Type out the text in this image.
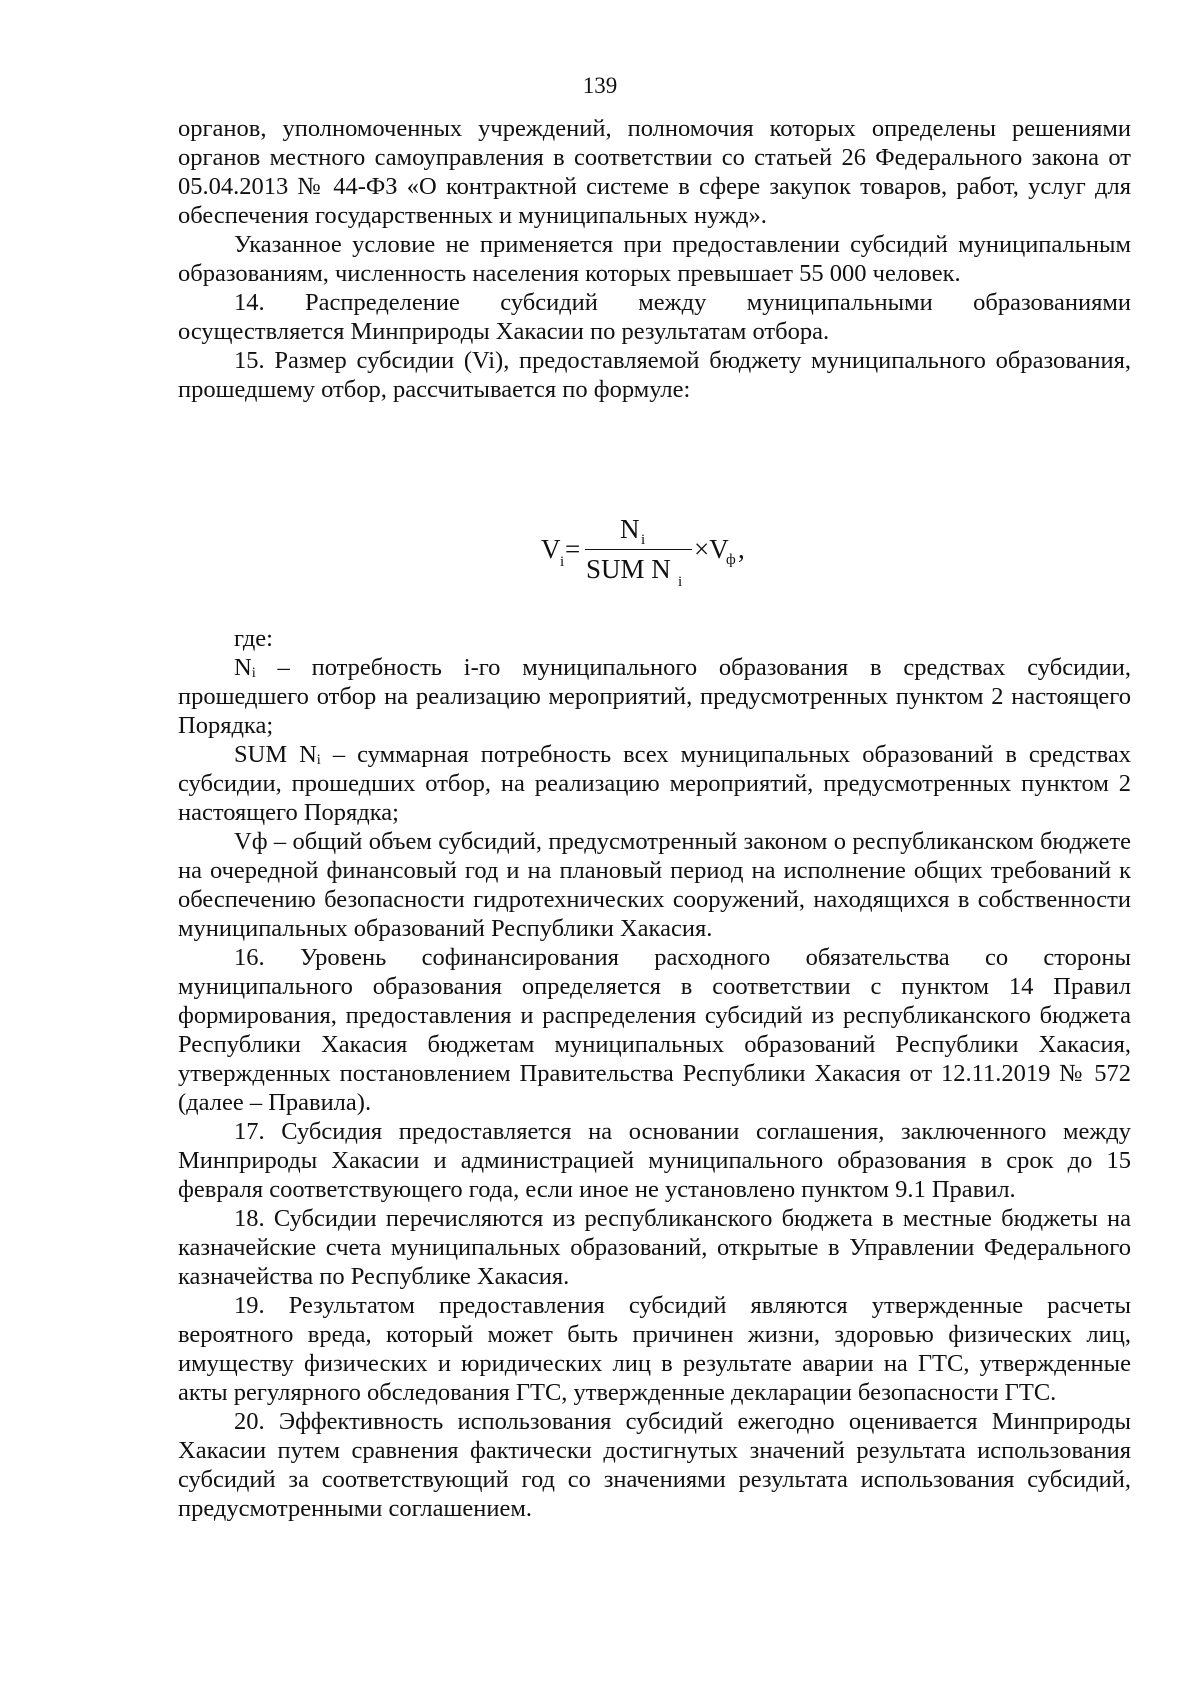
139

органов, уполномоченных учреждений, полномочия которых определены решениями органов местного самоуправления в соответствии со статьей 26 Федерального закона от 05.04.2013 № 44-ФЗ «О контрактной системе в сфере закупок товаров, работ, услуг для обеспечения государственных и муниципальных нужд».

Указанное условие не применяется при предоставлении субсидий муниципальным образованиям, численность населения которых превышает 55 000 человек.

14. Распределение субсидий между муниципальными образованиями осуществляется Минприроды Хакасии по результатам отбора.

15. Размер субсидии (Vi), предоставляемой бюджету муниципального образования, прошедшему отбор, рассчитывается по формуле:

V i =
N i
SUM N i
×V
ф ,

где:

Nᵢ – потребность i-го муниципального образования в средствах субсидии, прошедшего отбор на реализацию мероприятий, предусмотренных пунктом 2 настоящего Порядка;

SUM Nᵢ – суммарная потребность всех муниципальных образований в средствах субсидии, прошедших отбор, на реализацию мероприятий, предусмотренных пунктом 2 настоящего Порядка;

Vф – общий объем субсидий, предусмотренный законом о республиканском бюджете на очередной финансовый год и на плановый период на исполнение общих требований к обеспечению безопасности гидротехнических сооружений, находящихся в собственности муниципальных образований Республики Хакасия.

16. Уровень софинансирования расходного обязательства со стороны муниципального образования определяется в соответствии с пунктом 14 Правил формирования, предоставления и распределения субсидий из республиканского бюджета Республики Хакасия бюджетам муниципальных образований Республики Хакасия, утвержденных постановлением Правительства Республики Хакасия от 12.11.2019 № 572 (далее – Правила).

17. Субсидия предоставляется на основании соглашения, заключенного между Минприроды Хакасии и администрацией муниципального образования в срок до 15 февраля соответствующего года, если иное не установлено пунктом 9.1 Правил.

18. Субсидии перечисляются из республиканского бюджета в местные бюджеты на казначейские счета муниципальных образований, открытые в Управлении Федерального казначейства по Республике Хакасия.

19. Результатом предоставления субсидий являются утвержденные расчеты вероятного вреда, который может быть причинен жизни, здоровью физических лиц, имуществу физических и юридических лиц в результате аварии на ГТС, утвержденные акты регулярного обследования ГТС, утвержденные декларации безопасности ГТС.

20. Эффективность использования субсидий ежегодно оценивается Минприроды Хакасии путем сравнения фактически достигнутых значений результата использования субсидий за соответствующий год со значениями результата использования субсидий, предусмотренными соглашением.
